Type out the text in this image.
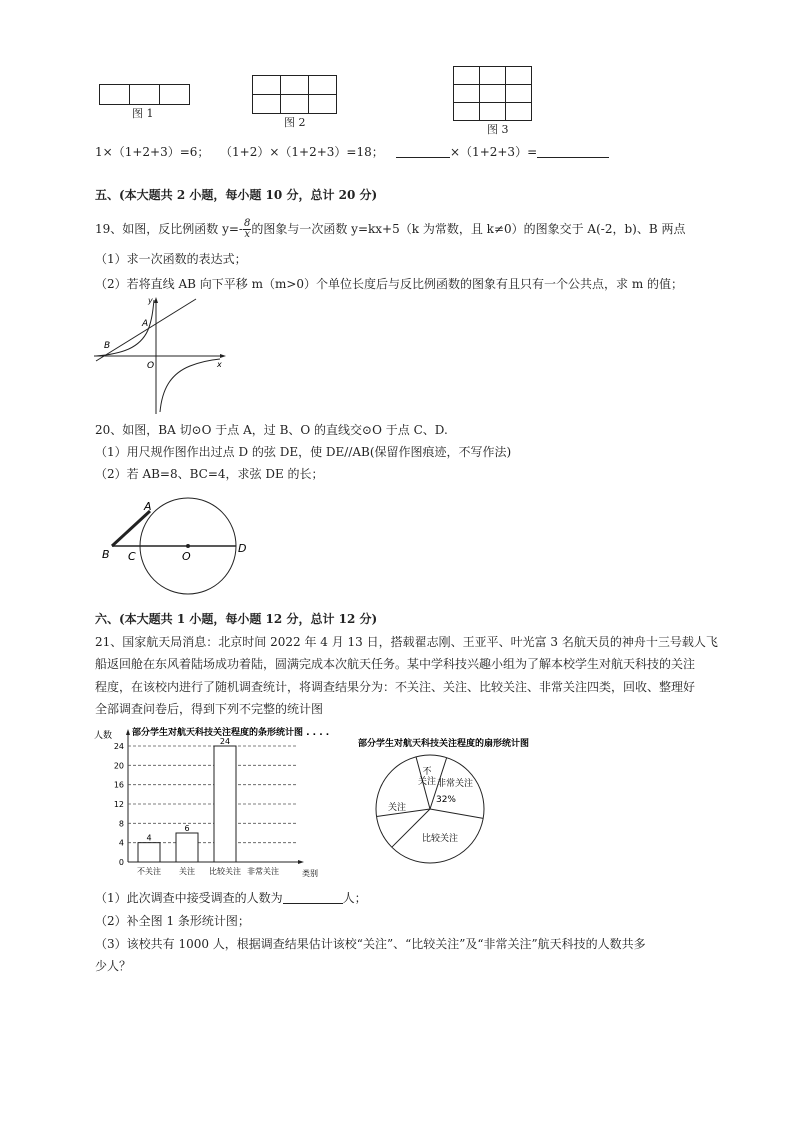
图 1
图 2
图 3
1×（1+2+3）=6； （1+2）×（1+2+3）=18；	×（1+2+3）=
五、(本大题共 2 小题，每小题 10 分，总计 20 分)
19、如图，反比例函数 $y=- \frac{8}{x}$ 的图象与一次函数 y=kx+5（k 为常数，且 k≠0）的图象交于 A(-2，b)、B 两点
（1）求一次函数的表达式；
（2）若将直线 AB 向下平移 m（m>0）个单位长度后与反比例函数的图象有且只有一个公共点，求 m 的值；
y
x
O
A
B
20、如图，BA 切⊙O 于点 A，过 B、O 的直线交⊙O 于点 C、D.
（1）用尺规作图作出过点 D 的弦 DE，使 DE//AB(保留作图痕迹，不写作法)
（2）若 AB=8、BC=4，求弦 DE 的长；
A
B C	O
D
六、(本大题共 1 小题，每小题 12 分，总计 12 分)
21、国家航天局消息：北京时间 2022 年 4 月 13 日，搭载翟志刚、王亚平、叶光富 3 名航天员的神舟十三号载人飞
船返回舱在东风着陆场成功着陆，圆满完成本次航天任务。某中学科技兴趣小组为了解本校学生对航天科技的关注
程度，在该校内进行了随机调查统计，将调查结果分为：不关注、关注、比较关注、非常关注四类，回收、整理好
全部调查问卷后，得到下列不完整的统计图
部分学生对航天科技关注程度的条形统计图 . . . .
人数
0
4
8
12
16
20
24
4
不关注
6
关注
24
比较关注 非常关注	类别
部分学生对航天科技关注程度的扇形统计图
不
关注 非常关注
32%
比较关注
关注
（1）此次调查中接受调查的人数为	人；
（2）补全图 1 条形统计图；
（3）该校共有 1000 人，根据调查结果估计该校“关注”、“比较关注”及“非常关注”航天科技的人数共多
少人？
